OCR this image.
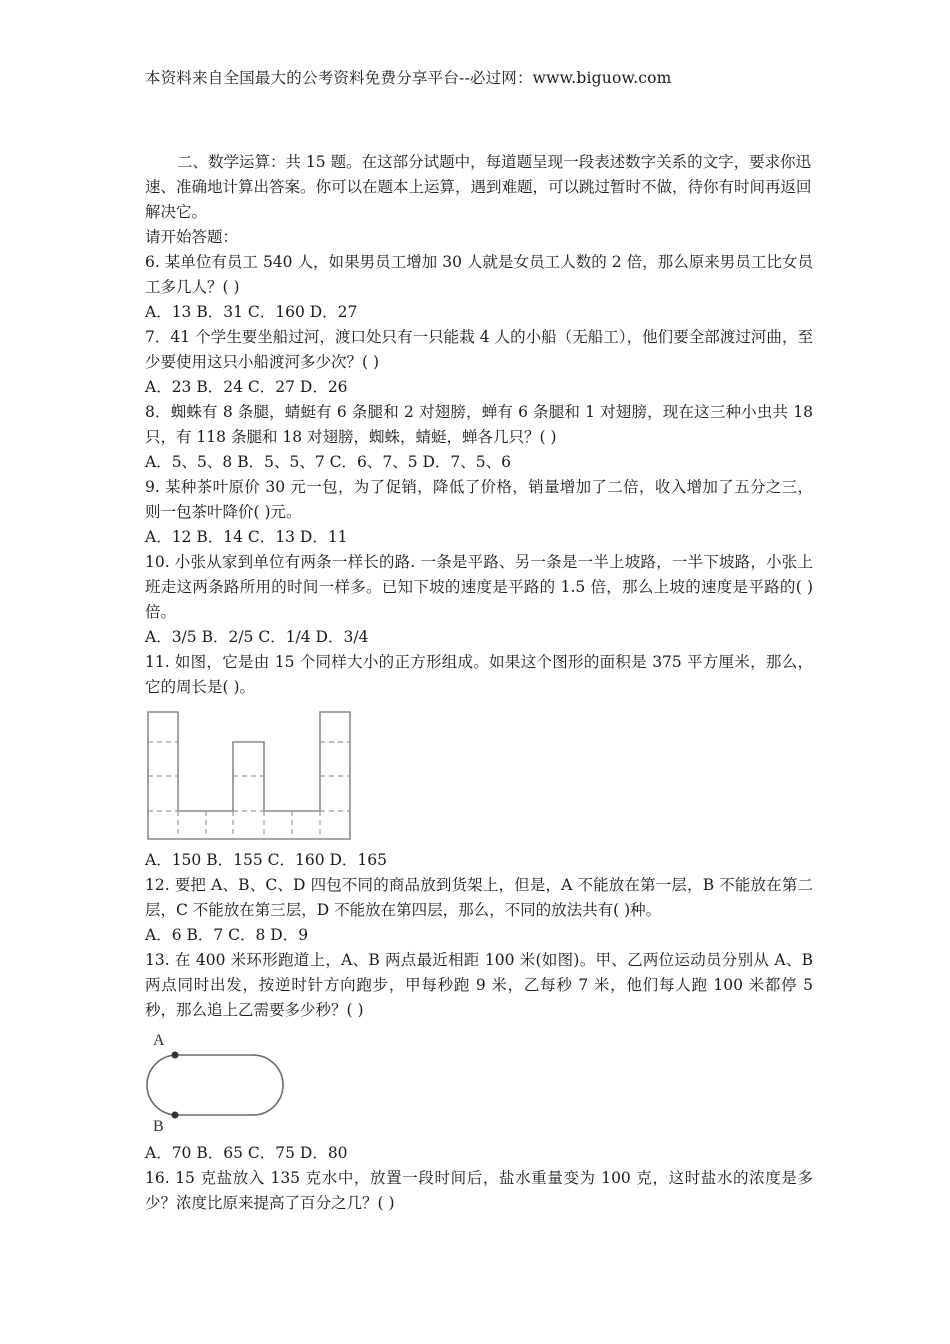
本资料来自全国最大的公考资料免费分享平台--必过网：www.biguow.com

二、数学运算：共 15 题。在这部分试题中，每道题呈现一段表述数字关系的文字，要求你迅速、准确地计算出答案。你可以在题本上运算，遇到难题，可以跳过暂时不做，待你有时间再返回解决它。

请开始答题：

6. 某单位有员工 540 人，如果男员工增加 30 人就是女员工人数的 2 倍，那么原来男员工比女员工多几人？( )

A．13 B．31 C．160 D．27

7．41 个学生要坐船过河，渡口处只有一只能栽 4 人的小船（无船工），他们要全部渡过河曲，至少要使用这只小船渡河多少次？( )

A．23 B．24 C．27 D．26

8．蜘蛛有 8 条腿，蜻蜓有 6 条腿和 2 对翅膀，蝉有 6 条腿和 1 对翅膀，现在这三种小虫共 18 只，有 118 条腿和 18 对翅膀，蜘蛛，蜻蜓，蝉各几只？( )

A．5、5、8 B．5、5、7 C．6、7、5 D．7、5、6

9. 某种茶叶原价 30 元一包，为了促销，降低了价格，销量增加了二倍，收入增加了五分之三，则一包茶叶降价( )元。

A．12 B．14 C．13 D．11

10. 小张从家到单位有两条一样长的路. 一条是平路、另一条是一半上坡路，一半下坡路，小张上班走这两条路所用的时间一样多。已知下坡的速度是平路的 1.5 倍，那么上坡的速度是平路的( )倍。

A．3/5 B．2/5 C．1/4 D．3/4

11. 如图，它是由 15 个同样大小的正方形组成。如果这个图形的面积是 375 平方厘米，那么，它的周长是( )。

A．150 B．155 C．160 D．165

12. 要把 A、B、C、D 四包不同的商品放到货架上，但是，A 不能放在第一层，B 不能放在第二层，C 不能放在第三层，D 不能放在第四层，那么，不同的放法共有( )种。

A．6 B．7 C．8 D．9

13. 在 400 米环形跑道上，A、B 两点最近相距 100 米(如图)。甲、乙两位运动员分别从 A、B 两点同时出发，按逆时针方向跑步，甲每秒跑 9 米，乙每秒 7 米，他们每人跑 100 米都停 5 秒，那么追上乙需要多少秒？( )

A
B

A．70 B．65 C．75 D．80

16. 15 克盐放入 135 克水中，放置一段时间后，盐水重量变为 100 克，这时盐水的浓度是多少？浓度比原来提高了百分之几？( )
